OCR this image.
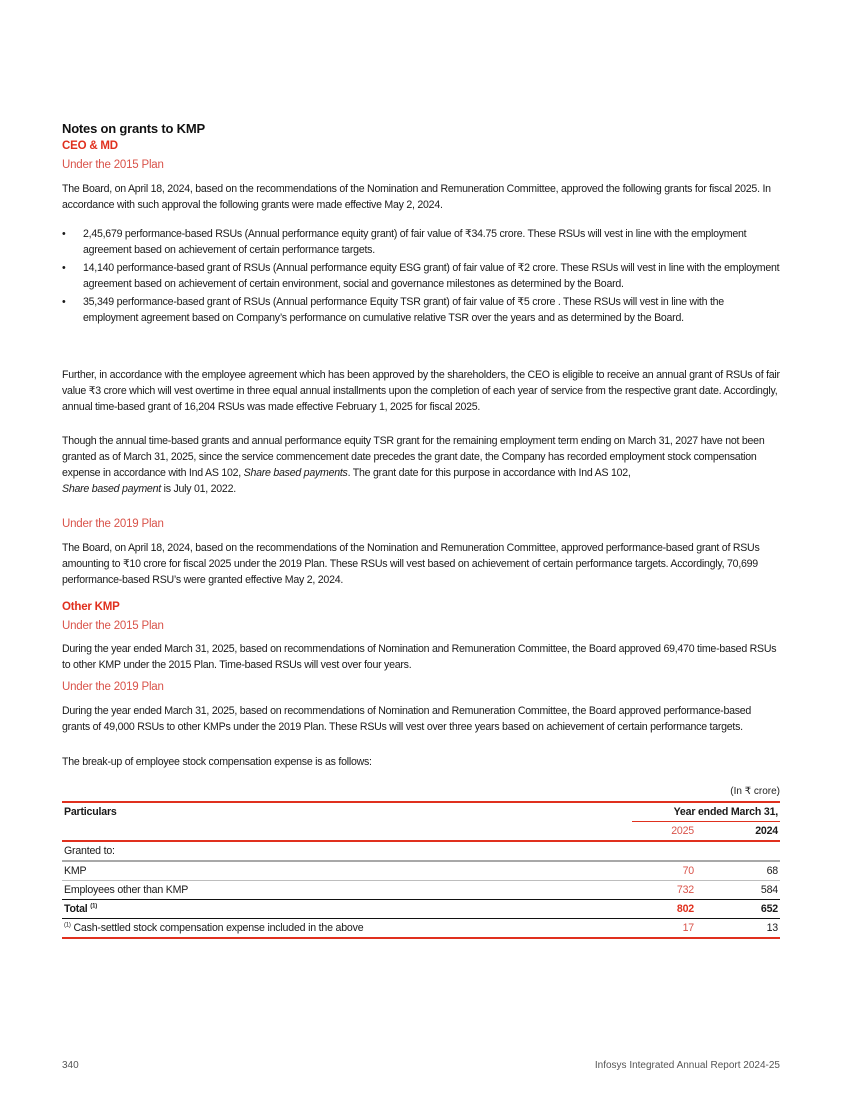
Notes on grants to KMP
CEO & MD
Under the 2015 Plan

The Board, on April 18, 2024, based on the recommendations of the Nomination and Remuneration Committee, approved the following grants for fiscal 2025. In accordance with such approval the following grants were made effective May 2, 2024.

• 2,45,679 performance-based RSUs (Annual performance equity grant) of fair value of ₹34.75 crore. These RSUs will vest in line with the employment agreement based on achievement of certain performance targets.
• 14,140 performance-based grant of RSUs (Annual performance equity ESG grant) of fair value of ₹2 crore. These RSUs will vest in line with the employment agreement based on achievement of certain environment, social and governance milestones as determined by the Board.
• 35,349 performance-based grant of RSUs (Annual performance Equity TSR grant) of fair value of ₹5 crore . These RSUs will vest in line with the employment agreement based on Company’s performance on cumulative relative TSR over the years and as determined by the Board.

Further, in accordance with the employee agreement which has been approved by the shareholders, the CEO is eligible to receive an annual grant of RSUs of fair value ₹3 crore which will vest overtime in three equal annual installments upon the completion of each year of service from the respective grant date. Accordingly, annual time-based grant of 16,204 RSUs was made effective February 1, 2025 for fiscal 2025.

Though the annual time-based grants and annual performance equity TSR grant for the remaining employment term ending on March 31, 2027 have not been granted as of March 31, 2025, since the service commencement date precedes the grant date, the Company has recorded employment stock compensation expense in accordance with Ind AS 102, Share based payments. The grant date for this purpose in accordance with Ind AS 102,
Share based payment is July 01, 2022.

Under the 2019 Plan

The Board, on April 18, 2024, based on the recommendations of the Nomination and Remuneration Committee, approved performance-based grant of RSUs amounting to ₹10 crore for fiscal 2025 under the 2019 Plan. These RSUs will vest based on achievement of certain performance targets. Accordingly, 70,699 performance-based RSU’s were granted effective May 2, 2024.

Other KMP
Under the 2015 Plan

During the year ended March 31, 2025, based on recommendations of Nomination and Remuneration Committee, the Board approved 69,470 time-based RSUs to other KMP under the 2015 Plan. Time-based RSUs will vest over four years.

Under the 2019 Plan

During the year ended March 31, 2025, based on recommendations of Nomination and Remuneration Committee, the Board approved performance-based grants of 49,000 RSUs to other KMPs under the 2019 Plan. These RSUs will vest over three years based on achievement of certain performance targets.

The break-up of employee stock compensation expense is as follows:

(In ₹ crore)
Particulars	Year ended March 31,	
	2025	2024
Granted to:		
KMP	70	68
Employees other than KMP	732	584
Total $^{(1)}$	802	652
$^{(1)}$ Cash-settled stock compensation expense included in the above	17	13
340	Infosys Integrated Annual Report 2024-25
